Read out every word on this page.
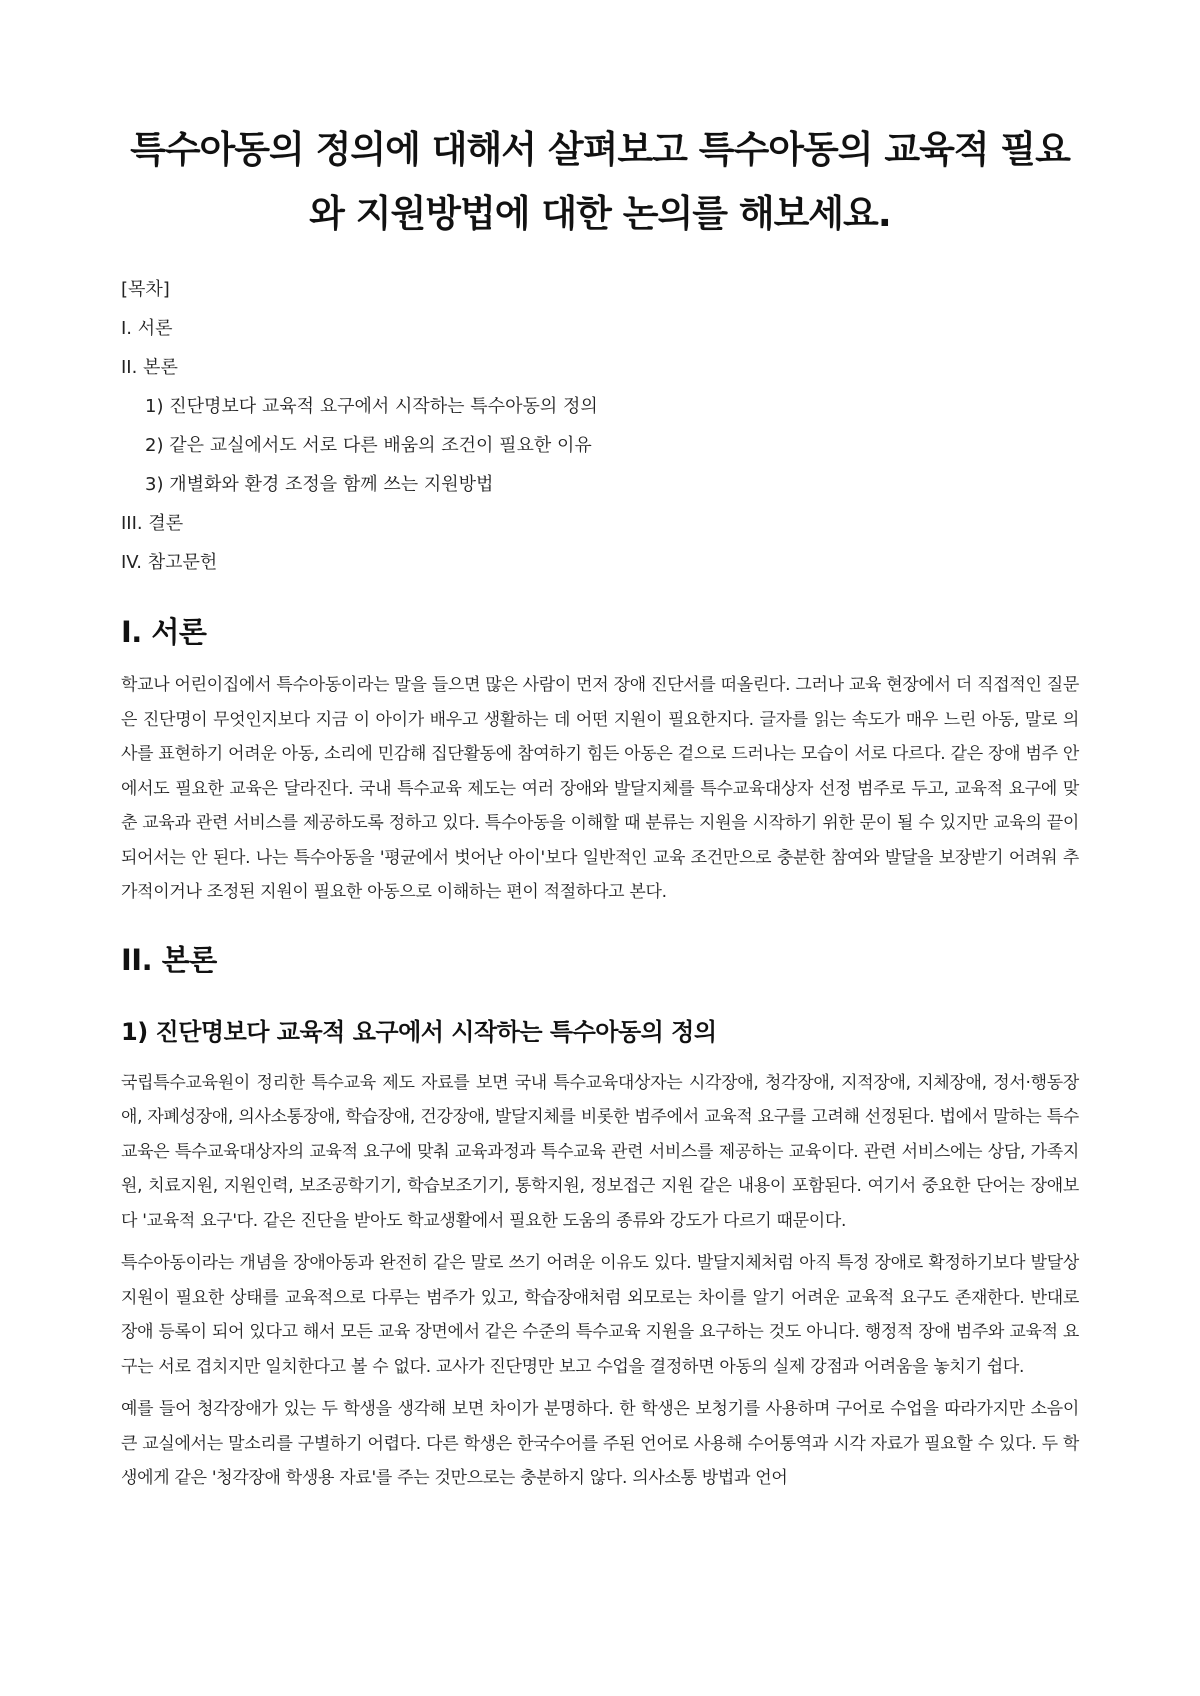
특수아동의 정의에 대해서 살펴보고 특수아동의 교육적 필요와 지원방법에 대한 논의를 해보세요.
[목차]
I. 서론
II. 본론
1) 진단명보다 교육적 요구에서 시작하는 특수아동의 정의
2) 같은 교실에서도 서로 다른 배움의 조건이 필요한 이유
3) 개별화와 환경 조정을 함께 쓰는 지원방법
III. 결론
IV. 참고문헌
I. 서론

학교나 어린이집에서 특수아동이라는 말을 들으면 많은 사람이 먼저 장애 진단서를 떠올린다. 그러나 교육 현장에서 더 직접적인 질문은 진단명이 무엇인지보다 지금 이 아이가 배우고 생활하는 데 어떤 지원이 필요한지다. 글자를 읽는 속도가 매우 느린 아동, 말로 의사를 표현하기 어려운 아동, 소리에 민감해 집단활동에 참여하기 힘든 아동은 겉으로 드러나는 모습이 서로 다르다. 같은 장애 범주 안에서도 필요한 교육은 달라진다. 국내 특수교육 제도는 여러 장애와 발달지체를 특수교육대상자 선정 범주로 두고, 교육적 요구에 맞춘 교육과 관련 서비스를 제공하도록 정하고 있다. 특수아동을 이해할 때 분류는 지원을 시작하기 위한 문이 될 수 있지만 교육의 끝이 되어서는 안 된다. 나는 특수아동을 '평균에서 벗어난 아이'보다 일반적인 교육 조건만으로 충분한 참여와 발달을 보장받기 어려워 추가적이거나 조정된 지원이 필요한 아동으로 이해하는 편이 적절하다고 본다.

II. 본론
1) 진단명보다 교육적 요구에서 시작하는 특수아동의 정의

국립특수교육원이 정리한 특수교육 제도 자료를 보면 국내 특수교육대상자는 시각장애, 청각장애, 지적장애, 지체장애, 정서·행동장애, 자폐성장애, 의사소통장애, 학습장애, 건강장애, 발달지체를 비롯한 범주에서 교육적 요구를 고려해 선정된다. 법에서 말하는 특수교육은 특수교육대상자의 교육적 요구에 맞춰 교육과정과 특수교육 관련 서비스를 제공하는 교육이다. 관련 서비스에는 상담, 가족지원, 치료지원, 지원인력, 보조공학기기, 학습보조기기, 통학지원, 정보접근 지원 같은 내용이 포함된다. 여기서 중요한 단어는 장애보다 '교육적 요구'다. 같은 진단을 받아도 학교생활에서 필요한 도움의 종류와 강도가 다르기 때문이다.

특수아동이라는 개념을 장애아동과 완전히 같은 말로 쓰기 어려운 이유도 있다. 발달지체처럼 아직 특정 장애로 확정하기보다 발달상 지원이 필요한 상태를 교육적으로 다루는 범주가 있고, 학습장애처럼 외모로는 차이를 알기 어려운 교육적 요구도 존재한다. 반대로 장애 등록이 되어 있다고 해서 모든 교육 장면에서 같은 수준의 특수교육 지원을 요구하는 것도 아니다. 행정적 장애 범주와 교육적 요구는 서로 겹치지만 일치한다고 볼 수 없다. 교사가 진단명만 보고 수업을 결정하면 아동의 실제 강점과 어려움을 놓치기 쉽다.

예를 들어 청각장애가 있는 두 학생을 생각해 보면 차이가 분명하다. 한 학생은 보청기를 사용하며 구어로 수업을 따라가지만 소음이 큰 교실에서는 말소리를 구별하기 어렵다. 다른 학생은 한국수어를 주된 언어로 사용해 수어통역과 시각 자료가 필요할 수 있다. 두 학생에게 같은 '청각장애 학생용 자료'를 주는 것만으로는 충분하지 않다. 의사소통 방법과 언어
